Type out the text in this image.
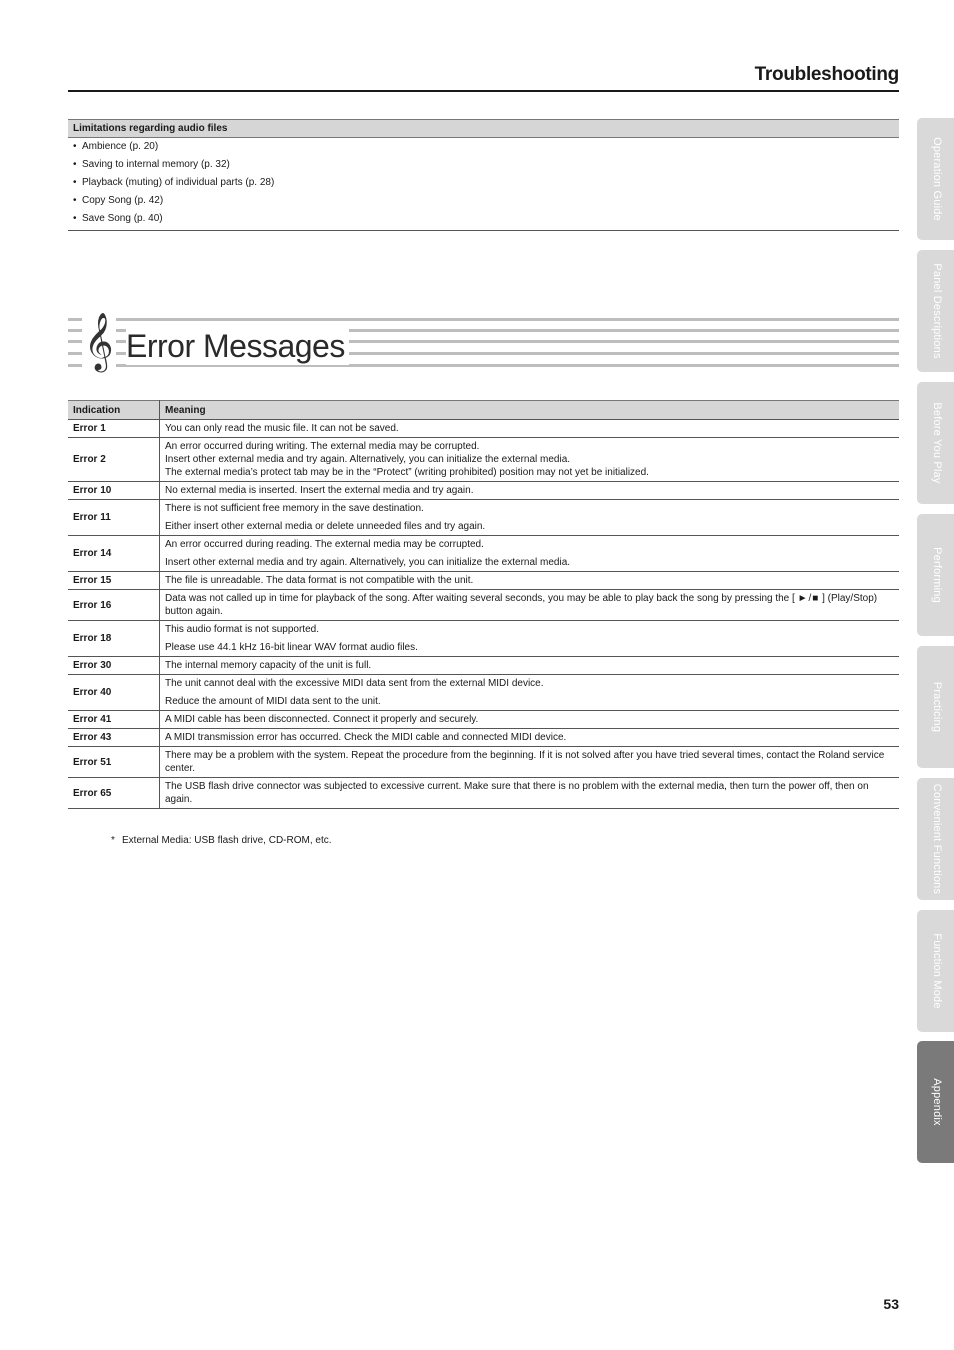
Troubleshooting
Limitations regarding audio files
• Ambience (p. 20)
• Saving to internal memory (p. 32)
• Playback (muting) of individual parts (p. 28)
• Copy Song (p. 42)
• Save Song (p. 40)
𝄞 Error Messages
Indication	Meaning
Error 1	You can only read the music file. It can not be saved.

Error 2	An error occurred during writing. The external media may be corrupted.
Insert other external media and try again. Alternatively, you can initialize the external media.
The external media’s protect tab may be in the “Protect” (writing prohibited) position may not yet be initialized.

Error 10	No external media is inserted. Insert the external media and try again.

Error 11	There is not sufficient free memory in the save destination.
Either insert other external media or delete unneeded files and try again.

Error 14	An error occurred during reading. The external media may be corrupted.
Insert other external media and try again. Alternatively, you can initialize the external media.

Error 15	The file is unreadable. The data format is not compatible with the unit.

Error 16	Data was not called up in time for playback of the song. After waiting several seconds, you may be able to play back the song by pressing the [ ►/■ ] (Play/Stop) button again.

Error 18	This audio format is not supported.
Please use 44.1 kHz 16-bit linear WAV format audio files.

Error 30	The internal memory capacity of the unit is full.

Error 40	The unit cannot deal with the excessive MIDI data sent from the external MIDI device.
Reduce the amount of MIDI data sent to the unit.

Error 41	A MIDI cable has been disconnected. Connect it properly and securely.

Error 43	A MIDI transmission error has occurred. Check the MIDI cable and connected MIDI device.

Error 51	There may be a problem with the system. Repeat the procedure from the beginning. If it is not solved after you have tried several times, contact the Roland service center.

Error 65	The USB flash drive connector was subjected to excessive current. Make sure that there is no problem with the external media, then turn the power off, then on again.
* External Media: USB flash drive, CD-ROM, etc.
53
Operation Guide
Panel Descriptions
Before You Play
Performing
Practicing
Convenient Functions
Function Mode
Appendix
